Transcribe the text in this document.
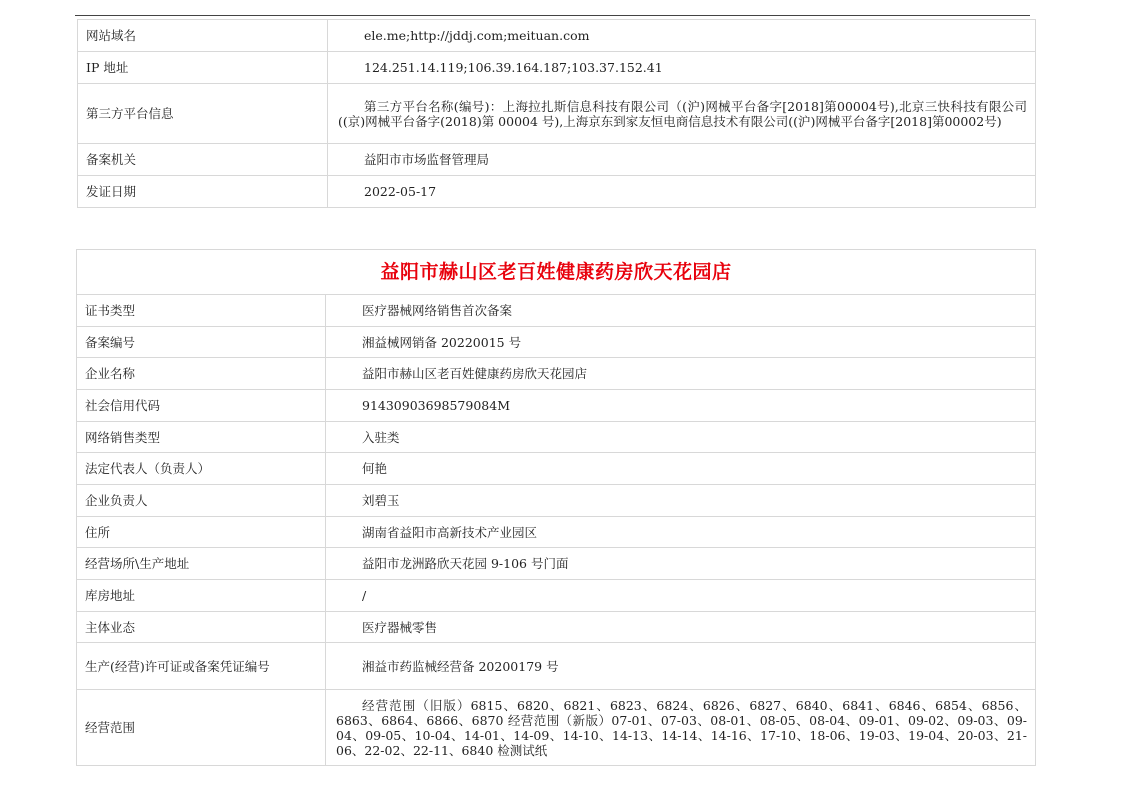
网站域名	ele.me;http://jddj.com;meituan.com
IP 地址	124.251.14.119;106.39.164.187;103.37.152.41
第三方平台信息	第三方平台名称(编号)：上海拉扎斯信息科技有限公司（(沪)网械平台备字[2018]第00004号),北京三快科技有限公司((京)网械平台备字(2018)第 00004 号),上海京东到家友恒电商信息技术有限公司((沪)网械平台备字[2018]第00002号)
备案机关	益阳市市场监督管理局
发证日期	2022-05-17
益阳市赫山区老百姓健康药房欣天花园店	
证书类型	医疗器械网络销售首次备案
备案编号	湘益械网销备 20220015 号
企业名称	益阳市赫山区老百姓健康药房欣天花园店
社会信用代码	91430903698579084M
网络销售类型	入驻类
法定代表人（负责人）	何艳
企业负责人	刘碧玉
住所	湖南省益阳市高新技术产业园区
经营场所\生产地址	益阳市龙洲路欣天花园 9-106 号门面
库房地址	/
主体业态	医疗器械零售
生产(经营)许可证或备案凭证编号	湘益市药监械经营备 20200179 号
经营范围	经营范围（旧版）6815、6820、6821、6823、6824、6826、6827、6840、6841、6846、6854、6856、6863、6864、6866、6870 经营范围（新版）07-01、07-03、08-01、08-05、08-04、09-01、09-02、09-03、09-04、09-05、10-04、14-01、14-09、14-10、14-13、14-14、14-16、17-10、18-06、19-03、19-04、20-03、21-06、22-02、22-11、6840 检测试纸
